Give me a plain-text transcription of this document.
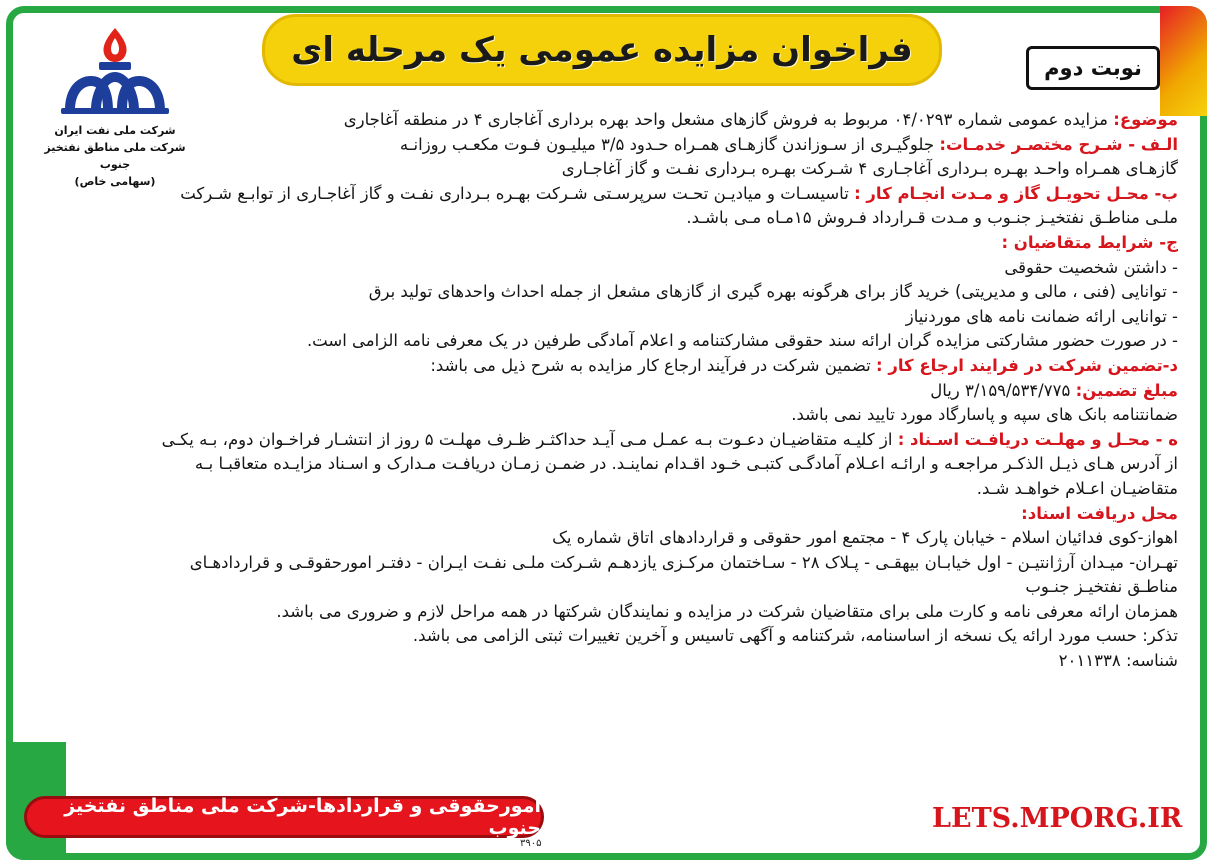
فراخوان مزایده عمومی یک مرحله ای	نوبت دوم
شرکت ملی نفت ایران
شرکت ملی مناطق نفتخیز جنوب
(سهامی خاص)
موضوع: مزایده عمومی شماره ۰۴/۰۲۹۳ مربوط به فروش گازهای مشعل واحد بهره برداری آغاجاری ۴ در منطقه آغاجاری
الـف - شـرح مختصـر خدمـات: جلوگیـری از سـوزاندن گازهـای همـراه حـدود ۳/۵ میلیـون فـوت مکعـب روزانـه
گازهـای همـراه واحـد بهـره بـرداری آغاجـاری ۴ شـرکت بهـره بـرداری نفـت و گاز آغاجـاری
ب- محـل تحویـل گاز و مـدت انجـام کار : تاسیسـات و میادیـن تحـت سرپرسـتی شـرکت بهـره بـرداری نفـت و گاز آغاجـاری از توابـع شـرکت
ملـی مناطـق نفتخیـز جنـوب و مـدت قـرارداد فـروش ۱۵مـاه مـی باشـد.
ج- شرایط متقاضیان :
- داشتن شخصیت حقوقی
- توانایی (فنی ، مالی و مدیریتی) خرید گاز برای هرگونه بهره گیری از گازهای مشعل از جمله احداث واحدهای تولید برق
- توانایی ارائه ضمانت نامه های موردنیاز
- در صورت حضور مشارکتی مزایده گران ارائه سند حقوقی مشارکتنامه و اعلام آمادگی طرفین در یک معرفی نامه الزامی است.
د-تضمین شرکت در فرایند ارجاع کار : تضمین شرکت در فرآیند ارجاع کار مزایده به شرح ذیل می باشد:
مبلغ تضمین: ۳/۱۵۹/۵۳۴/۷۷۵ ریال
ضمانتنامه بانک های سپه و پاسارگاد مورد تایید نمی باشد.
ه - محـل و مهلـت دریافـت اسـناد : از کلیـه متقاضیـان دعـوت بـه عمـل مـی آیـد حداکثـر ظـرف مهلـت ۵ روز از انتشـار فراخـوان دوم، بـه یکـی
از آدرس هـای ذیـل الذکـر مراجعـه و ارائـه اعـلام آمادگـی کتبـی خـود اقـدام نماینـد. در ضمـن زمـان دریافـت مـدارک و اسـناد مزایـده متعاقبـا بـه
متقاضیـان اعـلام خواهـد شـد.
محل دریافت اسناد:
اهواز-کوی فدائیان اسلام - خیابان پارک ۴ - مجتمع امور حقوقی و قراردادهای اتاق شماره یک
تهـران- میـدان آرژانتیـن - اول خیابـان بیهقـی - پـلاک ۲۸ - سـاختمان مرکـزی یازدهـم شـرکت ملـی نفـت ایـران - دفتـر امورحقوقـی و قراردادهـای
مناطـق نفتخیـز جنـوب
همزمان ارائه معرفی نامه و کارت ملی برای متقاضیان شرکت در مزایده و نمایندگان شرکتها در همه مراحل لازم و ضروری می باشد.
تذکر: حسب مورد ارائه یک نسخه از اساسنامه، شرکتنامه و آگهی تاسیس و آخرین تغییرات ثبتی الزامی می باشد.
شناسه: ۲۰۱۱۳۳۸
امورحقوقی و قراردادها-شرکت ملی مناطق نفتخیز جنوب
۳۹۰۵
LETS.MPORG.IR
